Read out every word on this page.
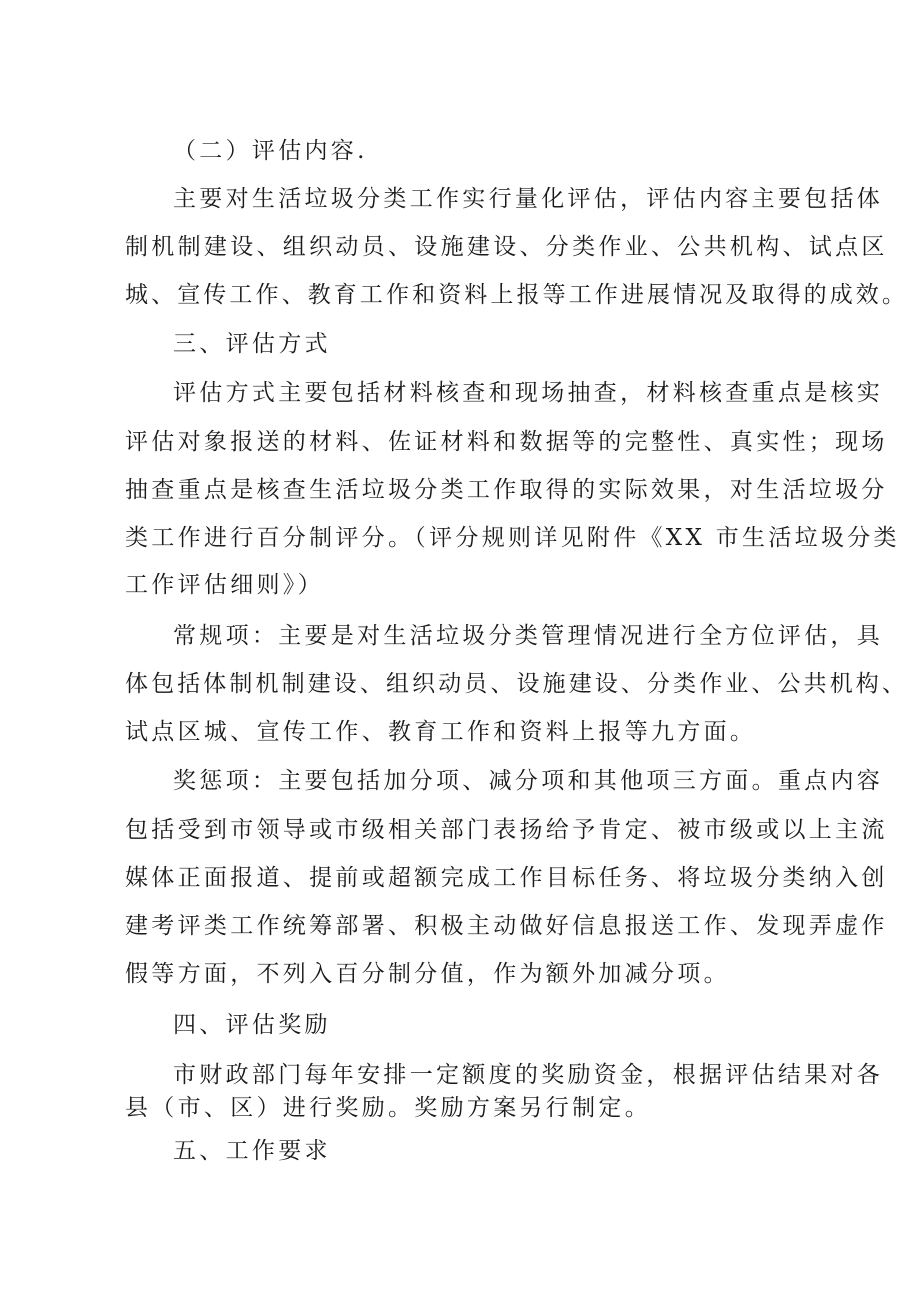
（二）评估内容.
主要对生活垃圾分类工作实行量化评估，评估内容主要包括体
制机制建设、组织动员、设施建设、分类作业、公共机构、试点区
城、宣传工作、教育工作和资料上报等工作进展情况及取得的成效。
三、评估方式
评估方式主要包括材料核查和现场抽查，材料核查重点是核实
评估对象报送的材料、佐证材料和数据等的完整性、真实性；现场
抽查重点是核查生活垃圾分类工作取得的实际效果，对生活垃圾分
类工作进行百分制评分。（评分规则详见附件《XX 市生活垃圾分类
工作评估细则》）
常规项：主要是对生活垃圾分类管理情况进行全方位评估，具
体包括体制机制建设、组织动员、设施建设、分类作业、公共机构、
试点区城、宣传工作、教育工作和资料上报等九方面。
奖惩项：主要包括加分项、减分项和其他项三方面。重点内容
包括受到市领导或市级相关部门表扬给予肯定、被市级或以上主流
媒体正面报道、提前或超额完成工作目标任务、将垃圾分类纳入创
建考评类工作统筹部署、积极主动做好信息报送工作、发现弄虚作
假等方面，不列入百分制分值，作为额外加减分项。
四、评估奖励
市财政部门每年安排一定额度的奖励资金，根据评估结果对各
县（市、区）进行奖励。奖励方案另行制定。
五、工作要求
